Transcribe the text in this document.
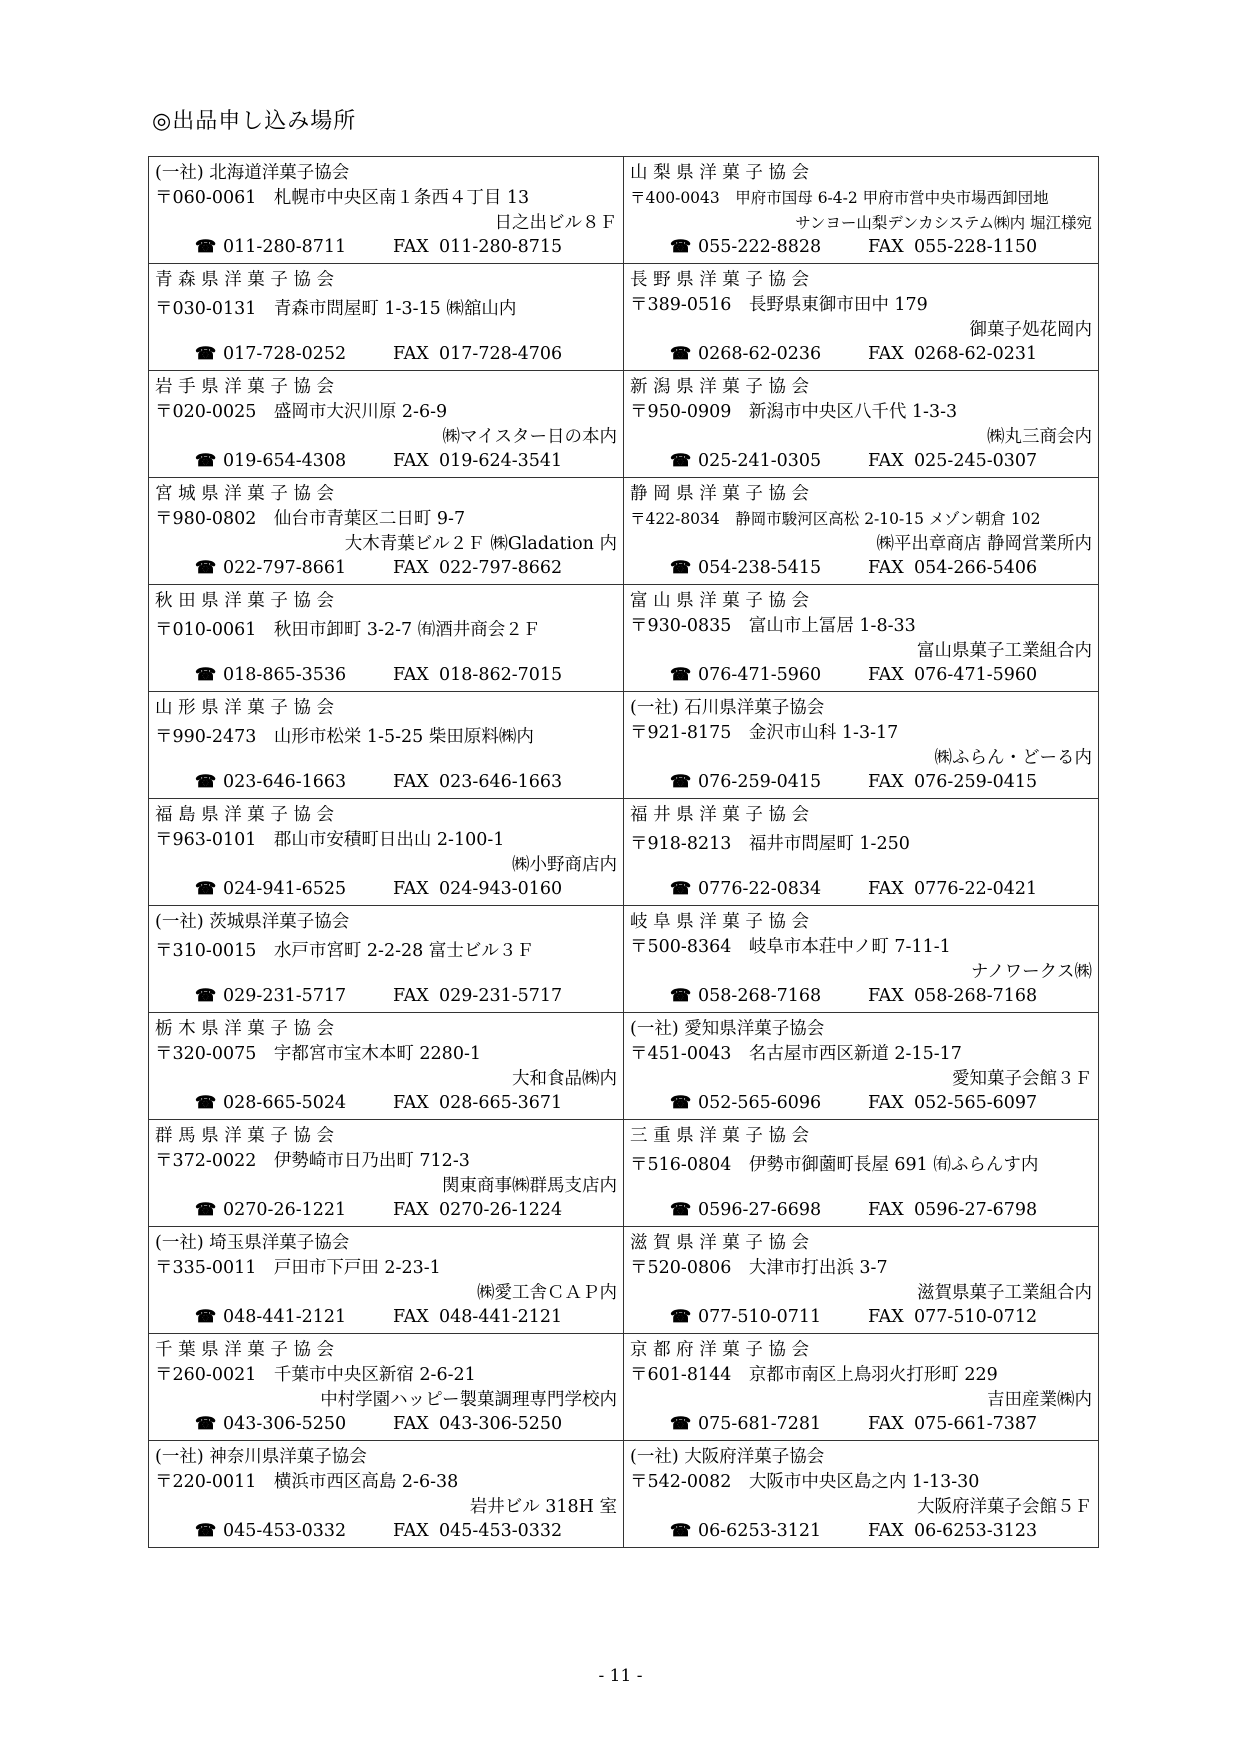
◎出品申し込み場所
(一社) 北海道洋菓子協会
〒060-0061　札幌市中央区南１条西４丁目 13
日之出ビル８Ｆ
☎ 011-280-8711	FAX 011-280-8715
山 梨 県 洋 菓 子 協 会
〒400-0043　甲府市国母 6-4-2 甲府市営中央市場西卸団地
サンヨー山梨デンカシステム㈱内 堀江様宛
☎ 055-222-8828	FAX 055-228-1150
青 森 県 洋 菓 子 協 会
〒030-0131　青森市問屋町 1-3-15 ㈱舘山内
☎ 017-728-0252	FAX 017-728-4706
長 野 県 洋 菓 子 協 会
〒389-0516　長野県東御市田中 179
御菓子処花岡内
☎ 0268-62-0236	FAX 0268-62-0231
岩 手 県 洋 菓 子 協 会
〒020-0025　盛岡市大沢川原 2-6-9
㈱マイスター日の本内
☎ 019-654-4308	FAX 019-624-3541
新 潟 県 洋 菓 子 協 会
〒950-0909　新潟市中央区八千代 1-3-3
㈱丸三商会内
☎ 025-241-0305	FAX 025-245-0307
宮 城 県 洋 菓 子 協 会
〒980-0802　仙台市青葉区二日町 9-7
大木青葉ビル２Ｆ ㈱Gladation 内
☎ 022-797-8661	FAX 022-797-8662
静 岡 県 洋 菓 子 協 会
〒422-8034　静岡市駿河区高松 2-10-15 メゾン朝倉 102
㈱平出章商店 静岡営業所内
☎ 054-238-5415	FAX 054-266-5406
秋 田 県 洋 菓 子 協 会
〒010-0061　秋田市卸町 3-2-7 ㈲酒井商会２Ｆ
☎ 018-865-3536	FAX 018-862-7015
富 山 県 洋 菓 子 協 会
〒930-0835　富山市上冨居 1-8-33
富山県菓子工業組合内
☎ 076-471-5960	FAX 076-471-5960
山 形 県 洋 菓 子 協 会
〒990-2473　山形市松栄 1-5-25 柴田原料㈱内
☎ 023-646-1663	FAX 023-646-1663
(一社) 石川県洋菓子協会
〒921-8175　金沢市山科 1-3-17
㈱ふらん・どーる内
☎ 076-259-0415	FAX 076-259-0415
福 島 県 洋 菓 子 協 会
〒963-0101　郡山市安積町日出山 2-100-1
㈱小野商店内
☎ 024-941-6525	FAX 024-943-0160
福 井 県 洋 菓 子 協 会
〒918-8213　福井市問屋町 1-250
☎ 0776-22-0834	FAX 0776-22-0421
(一社) 茨城県洋菓子協会
〒310-0015　水戸市宮町 2-2-28 富士ビル３Ｆ
☎ 029-231-5717	FAX 029-231-5717
岐 阜 県 洋 菓 子 協 会
〒500-8364　岐阜市本荘中ノ町 7-11-1
ナノワークス㈱
☎ 058-268-7168	FAX 058-268-7168
栃 木 県 洋 菓 子 協 会
〒320-0075　宇都宮市宝木本町 2280-1
大和食品㈱内
☎ 028-665-5024	FAX 028-665-3671
(一社) 愛知県洋菓子協会
〒451-0043　名古屋市西区新道 2-15-17
愛知菓子会館３Ｆ
☎ 052-565-6096	FAX 052-565-6097
群 馬 県 洋 菓 子 協 会
〒372-0022　伊勢崎市日乃出町 712-3
関東商事㈱群馬支店内
☎ 0270-26-1221	FAX 0270-26-1224
三 重 県 洋 菓 子 協 会
〒516-0804　伊勢市御薗町長屋 691 ㈲ふらんす内
☎ 0596-27-6698	FAX 0596-27-6798
(一社) 埼玉県洋菓子協会
〒335-0011　戸田市下戸田 2-23-1
㈱愛工舎ＣＡＰ内
☎ 048-441-2121	FAX 048-441-2121
滋 賀 県 洋 菓 子 協 会
〒520-0806　大津市打出浜 3-7
滋賀県菓子工業組合内
☎ 077-510-0711	FAX 077-510-0712
千 葉 県 洋 菓 子 協 会
〒260-0021　千葉市中央区新宿 2-6-21
中村学園ハッピー製菓調理専門学校内
☎ 043-306-5250	FAX 043-306-5250
京 都 府 洋 菓 子 協 会
〒601-8144　京都市南区上鳥羽火打形町 229
吉田産業㈱内
☎ 075-681-7281	FAX 075-661-7387
(一社) 神奈川県洋菓子協会
〒220-0011　横浜市西区高島 2-6-38
岩井ビル 318H 室
☎ 045-453-0332	FAX 045-453-0332
(一社) 大阪府洋菓子協会
〒542-0082　大阪市中央区島之内 1-13-30
大阪府洋菓子会館５Ｆ
☎ 06-6253-3121	FAX 06-6253-3123
- 11 -
